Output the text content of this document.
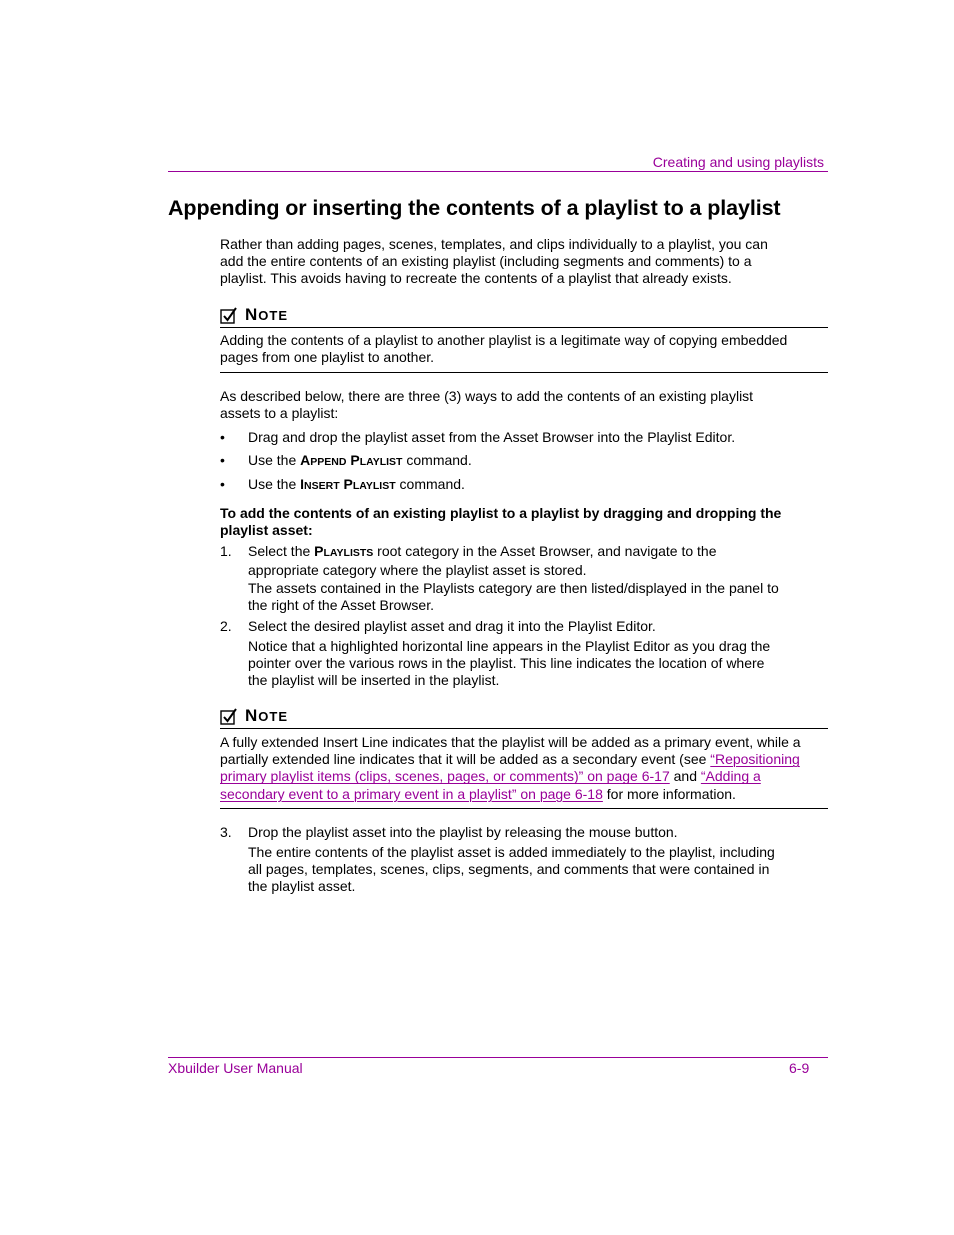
Creating and using playlists
Appending or inserting the contents of a playlist to a playlist
Rather than adding pages, scenes, templates, and clips individually to a playlist, you can add the entire contents of an existing playlist (including segments and comments) to a playlist. This avoids having to recreate the contents of a playlist that already exists.
NOTE
Adding the contents of a playlist to another playlist is a legitimate way of copying embedded pages from one playlist to another.
As described below, there are three (3) ways to add the contents of an existing playlist assets to a playlist:
• Drag and drop the playlist asset from the Asset Browser into the Playlist Editor.
• Use the APPEND PLAYLIST command.
• Use the INSERT PLAYLIST command.
To add the contents of an existing playlist to a playlist by dragging and dropping the playlist asset:
1. Select the PLAYLISTS root category in the Asset Browser, and navigate to the appropriate category where the playlist asset is stored.
The assets contained in the Playlists category are then listed/displayed in the panel to the right of the Asset Browser.
2. Select the desired playlist asset and drag it into the Playlist Editor.
Notice that a highlighted horizontal line appears in the Playlist Editor as you drag the pointer over the various rows in the playlist. This line indicates the location of where the playlist will be inserted in the playlist.
NOTE
A fully extended Insert Line indicates that the playlist will be added as a primary event, while a partially extended line indicates that it will be added as a secondary event (see “Repositioning primary playlist items (clips, scenes, pages, or comments)” on page 6-17 and “Adding a secondary event to a primary event in a playlist” on page 6-18 for more information.
3. Drop the playlist asset into the playlist by releasing the mouse button.
The entire contents of the playlist asset is added immediately to the playlist, including all pages, templates, scenes, clips, segments, and comments that were contained in the playlist asset.
Xbuilder User Manual	6-9
